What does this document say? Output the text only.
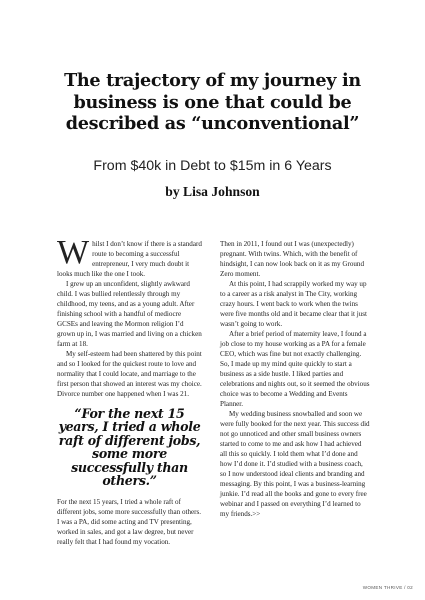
The trajectory of my journey in business is one that could be described as “unconventional”
From $40k in Debt to $15m in 6 Years
by Lisa Johnson

Whilst I don’t know if there is a standard route to becoming a successful entrepreneur, I very much doubt it looks much like the one I took.

I grew up an unconfident, slightly awkward child. I was bullied relentlessly through my childhood, my teens, and as a young adult. After finishing school with a handful of mediocre GCSEs and leaving the Mormon religion I’d grown up in, I was married and living on a chicken farm at 18.

My self-esteem had been shattered by this point and so I looked for the quickest route to love and normality that I could locate, and marriage to the first person that showed an interest was my choice. Divorce number one happened when I was 21.

“For the next 15 years, I tried a whole raft of different jobs, some more successfully than others.”

For the next 15 years, I tried a whole raft of different jobs, some more successfully than others. I was a PA, did some acting and TV presenting, worked in sales, and got a law degree, but never really felt that I had found my vocation.

Then in 2011, I found out I was (unexpectedly) pregnant. With twins. Which, with the benefit of hindsight, I can now look back on it as my Ground Zero moment.

At this point, I had scrappily worked my way up to a career as a risk analyst in The City, working crazy hours. I went back to work when the twins were five months old and it became clear that it just wasn’t going to work.

After a brief period of maternity leave, I found a job close to my house working as a PA for a female CEO, which was fine but not exactly challenging. So, I made up my mind quite quickly to start a business as a side hustle. I liked parties and celebrations and nights out, so it seemed the obvious choice was to become a Wedding and Events Planner.

My wedding business snowballed and soon we were fully booked for the next year. This success did not go unnoticed and other small business owners started to come to me and ask how I had achieved all this so quickly. I told them what I’d done and how I’d done it. I’d studied with a business coach, so I now understood ideal clients and branding and messaging. By this point, I was a business-learning junkie. I’d read all the books and gone to every free webinar and I passed on everything I’d learned to my friends.>>

WOMEN THRIVE / 02
